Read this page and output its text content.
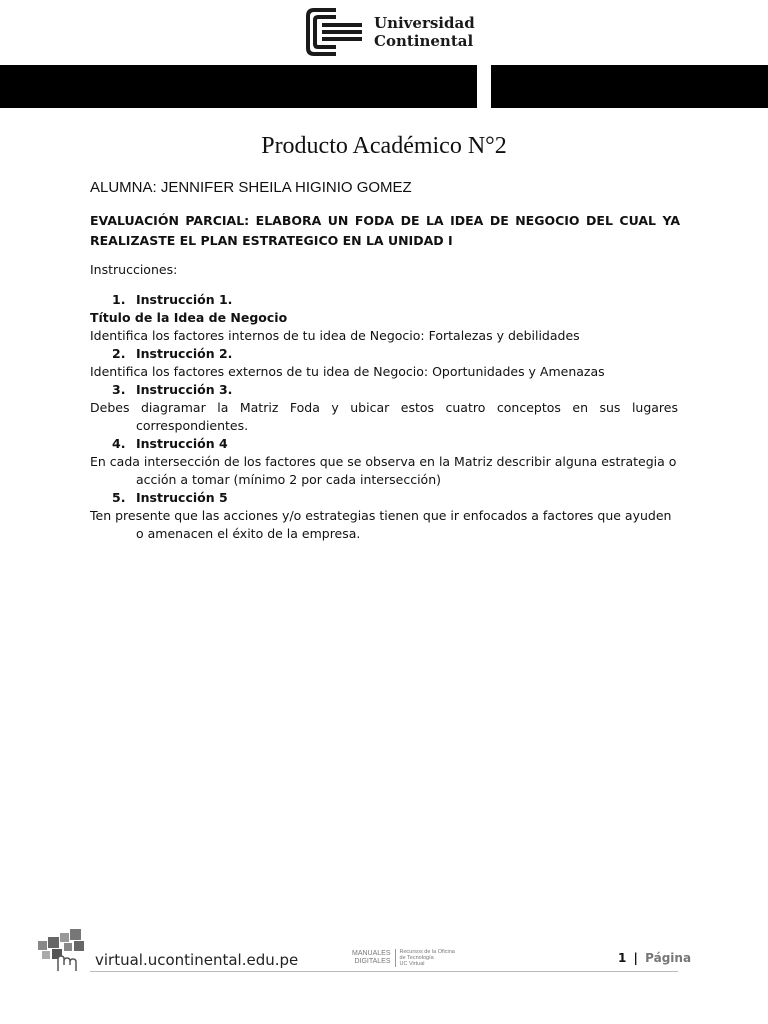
Universidad
Continental
Producto Académico N°2
ALUMNA: JENNIFER SHEILA HIGINIO GOMEZ
EVALUACIÓN PARCIAL: ELABORA UN FODA DE LA IDEA DE NEGOCIO DEL CUAL YA REALIZASTE EL PLAN ESTRATEGICO EN LA UNIDAD I
Instrucciones:
1. Instrucción 1.
Título de la Idea de Negocio
Identifica los factores internos de tu idea de Negocio: Fortalezas y debilidades
2. Instrucción 2.
Identifica los factores externos de tu idea de Negocio: Oportunidades y Amenazas
3. Instrucción 3.
Debes diagramar la Matriz Foda y ubicar estos cuatro conceptos en sus lugares correspondientes.
4. Instrucción 4
En cada intersección de los factores que se observa en la Matriz describir alguna estrategia o acción a tomar (mínimo 2 por cada intersección)
5. Instrucción 5
Ten presente que las acciones y/o estrategias tienen que ir enfocados a factores que ayuden o amenacen el éxito de la empresa.
virtual.ucontinental.edu.pe	MANUALES
DIGITALES
Recursos de la Oficina
de Tecnología
UC Virtual	1 | Página
